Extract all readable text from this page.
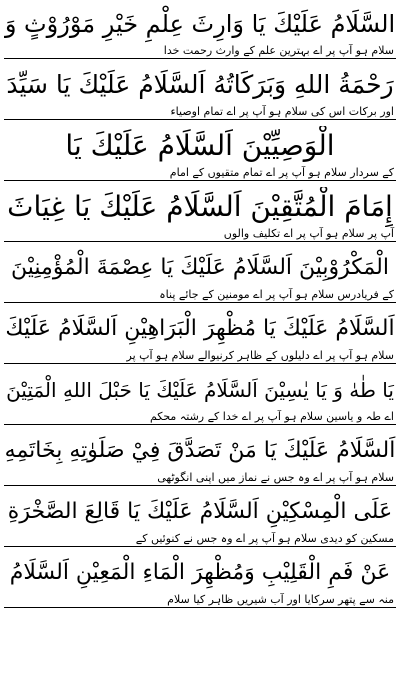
السَّلَامُ عَلَيْكَ يَا وَارِثَ عِلْمِ خَيْرِ مَوْرُوْثٍ وَ
سلام ہو آپ پر اے بہترین علم کے وارث رحمت خدا
رَحْمَةُ اللهِ وَبَرَكَاتُهُ اَلسَّلَامُ عَلَيْكَ يَا سَيِّدَ
اور برکات اس کی سلام ہو آپ پر اے تمام اوصیاء
الْوَصِيِّيْنَ اَلسَّلَامُ عَلَيْكَ يَا
کے سردار سلام ہو آپ پر اے تمام متقیوں کے امام
إِمَامَ الْمُتَّقِيْنَ اَلسَّلَامُ عَلَيْكَ يَا غِيَاثَ
آپ پر سلام ہو آپ پر اے تکلیف والوں
الْمَكْرُوْبِيْنَ اَلسَّلَامُ عَلَيْكَ يَا عِصْمَةَ الْمُؤْمِنِيْنَ
کے فریادرس سلام ہو آپ پر اے مومنین کے جائے پناہ
اَلسَّلَامُ عَلَيْكَ يَا مُظْهِرَ الْبَرَاهِيْنِ اَلسَّلَامُ عَلَيْكَ
سلام ہو آپ پر اے دلیلوں کے ظاہر کرنیوالے سلام ہو آپ پر
يَا طٰهٰ وَ يَا يٰسِيْنَ اَلسَّلَامُ عَلَيْكَ يَا حَبْلَ اللهِ الْمَتِيْنَ
اے طہ و یاسین سلام ہو آپ پر اے خدا کے رشتہ محکم
اَلسَّلَامُ عَلَيْكَ يَا مَنْ تَصَدَّقَ فِيْ صَلَوٰتِهِ بِخَاتَمِهِ
سلام ہو آپ پر اے وہ جس نے نماز میں اپنی انگوٹھی
عَلَى الْمِسْكِيْنِ اَلسَّلَامُ عَلَيْكَ يَا قَالِعَ الصَّخْرَةِ
مسکین کو دیدی سلام ہو آپ پر اے وہ جس نے کنوئیں کے
عَنْ فَمِ الْقَلِيْبِ وَمُظْهِرَ الْمَاءِ الْمَعِيْنِ اَلسَّلَامُ
منہ سے پتھر سرکایا اور آب شیریں ظاہر کیا سلام
